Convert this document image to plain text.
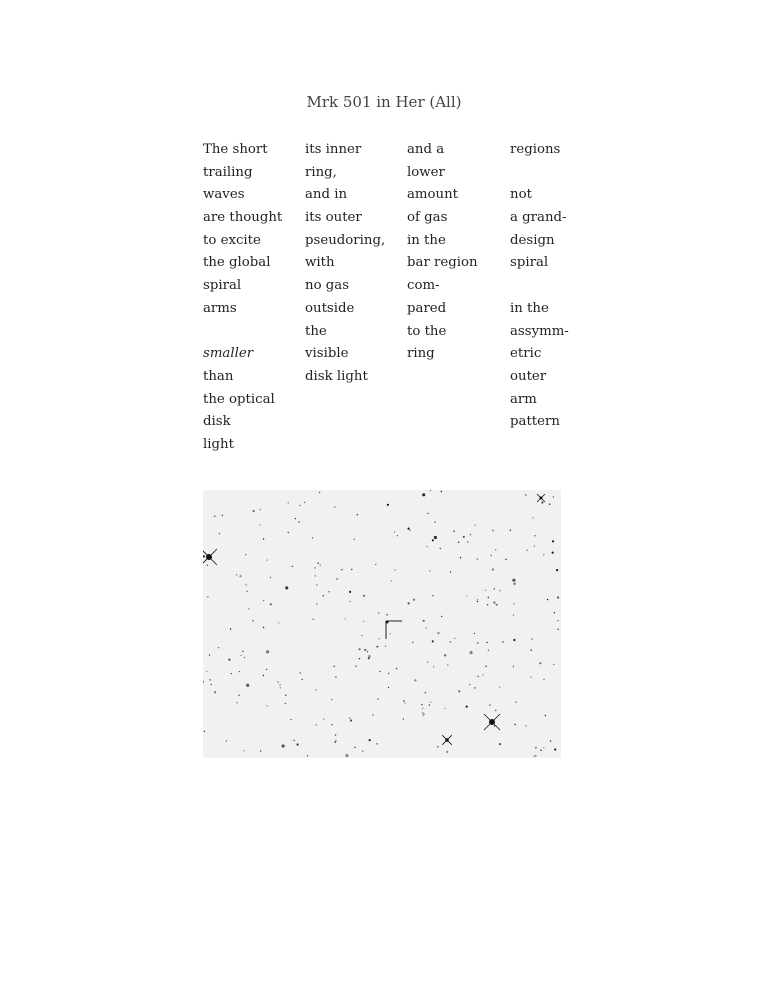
Mrk 501 in Her (All)
The short
trailing
waves
are thought
to excite
the global
spiral
arms
smaller
than
the optical
disk
light
its inner
ring,
and in
its outer
pseudoring,
with
no gas
outside
the
visible
disk light
and a
lower
amount
of gas
in the
bar region
com-
pared
to the
ring
regions
not
a grand-
design
spiral
in the
assymm-
etric
outer
arm
pattern
